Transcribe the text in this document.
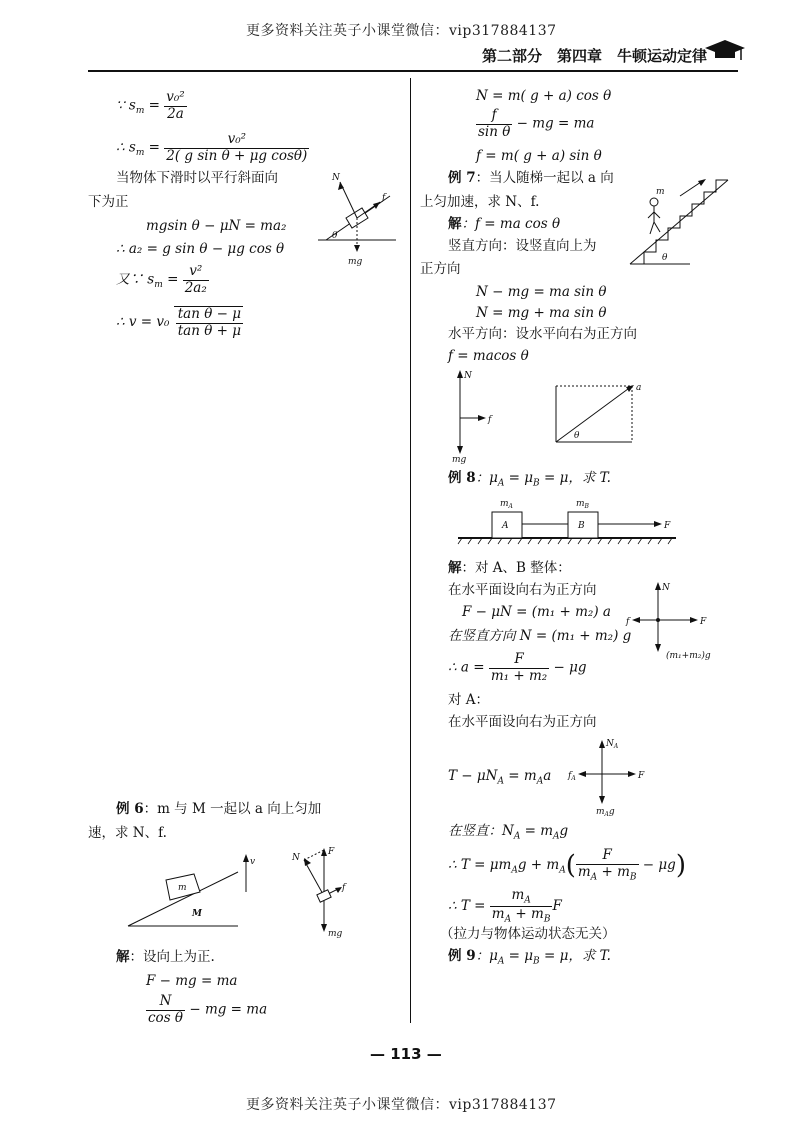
更多资料关注英子小课堂微信：vip317884137
第二部分　第四章　牛顿运动定律
∵ $s_m = \frac{\text{v₀²}}{2a}$
∴ $s_m = \frac{\text{v₀²}}{\text{2( g sin θ + μg cosθ)}}$
当物体下滑时以平行斜面向
下为正
mgsin θ − μN = ma₂
∴ a₂ = g sin θ − μg cos θ
又∵ $s_m = \frac{\text{v²}}{\text{2a₂}}$
∴ $v = v_0 \frac{\text{tan θ − μ}}{\text{tan θ + μ}}$
N
f
θ
mg
例 6：m 与 M 一起以 a 向上匀加
速，求 N、f.
m
M
v	N
F
f
mg
解：设向上为正.
F − mg = ma
$\frac{N}{\text{cos θ}}$ − mg = ma
N = m( g + a) cos θ
$\frac{f}{\text{sin θ}}$ − mg = ma
f = m( g + a) sin θ
例 7：当人随梯一起以 a 向
上匀加速，求 N、f.
解：f = ma cos θ
竖直方向：设竖直向上为
正方向
N − mg = ma sin θ
N = mg + ma sin θ
水平方向：设水平向右为正方向
f = macos θ
m
θ
N
f
mg
a
θ
例 8：$\mu_A = \mu_B = \mu$，求 T.
A	B	F
$m_A$	$m_B$
解：对 A、B 整体：
在水平面设向右为正方向
F − μN = (m₁ + m₂) a
在竖直方向 N = (m₁ + m₂) g
∴ $a = \frac{F}{\text{m₁ + m₂}} - \mu g$
N
f	F
(m₁+m₂)g
对 A：
在水平面设向右为正方向
$T - \mu N_A = m_Aa$
$N_A$
$f_A$	F
$m_Ag$
在竖直：$N_A = m_Ag$
∴ $T = \mu m_Ag + m_A( \frac{F}{m_A + m_B} - \mu g)$
∴ $T = \frac{m_A}{m_A + m_B}$ F
（拉力与物体运动状态无关）
例 9：$\mu_A = \mu_B = \mu$，求 T.
— 113 —
更多资料关注英子小课堂微信：vip317884137
